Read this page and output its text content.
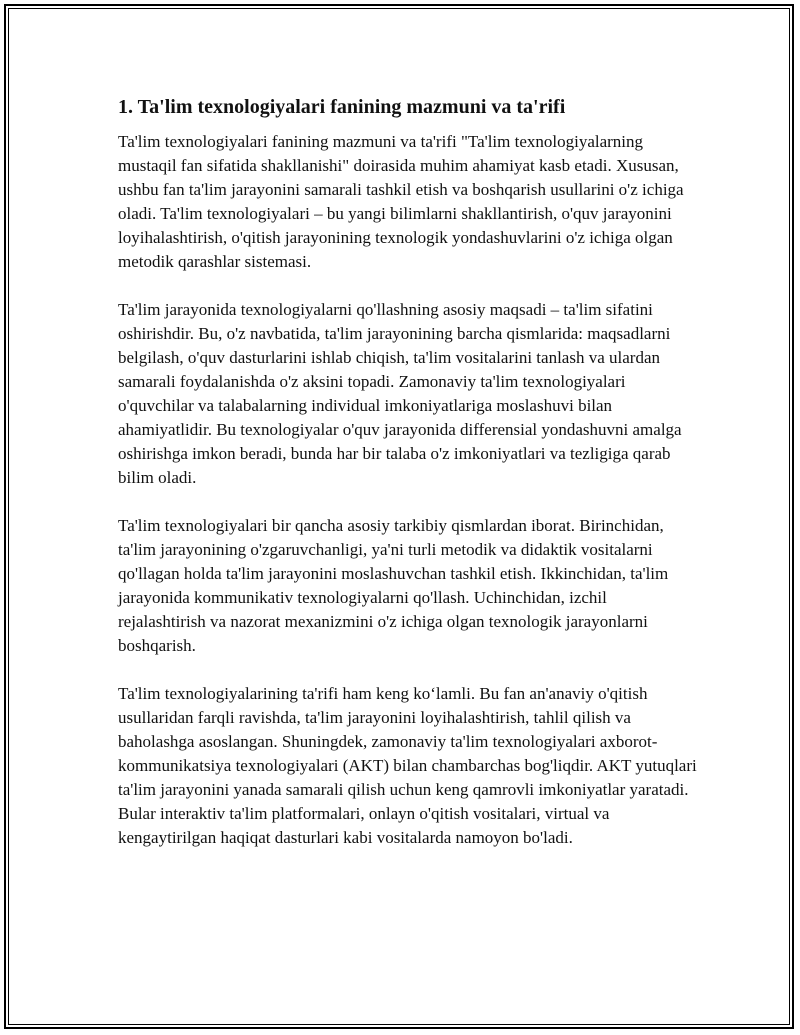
1. Ta'lim texnologiyalari fanining mazmuni va ta'rifi

Ta'lim texnologiyalari fanining mazmuni va ta'rifi "Ta'lim texnologiyalarning mustaqil fan sifatida shakllanishi" doirasida muhim ahamiyat kasb etadi. Xususan, ushbu fan ta'lim jarayonini samarali tashkil etish va boshqarish usullarini o'z ichiga oladi. Ta'lim texnologiyalari – bu yangi bilimlarni shakllantirish, o'quv jarayonini loyihalashtirish, o'qitish jarayonining texnologik yondashuvlarini o'z ichiga olgan metodik qarashlar sistemasi.

Ta'lim jarayonida texnologiyalarni qo'llashning asosiy maqsadi – ta'lim sifatini oshirishdir. Bu, o'z navbatida, ta'lim jarayonining barcha qismlarida: maqsadlarni belgilash, o'quv dasturlarini ishlab chiqish, ta'lim vositalarini tanlash va ulardan samarali foydalanishda o'z aksini topadi. Zamonaviy ta'lim texnologiyalari o'quvchilar va talabalarning individual imkoniyatlariga moslashuvi bilan ahamiyatlidir. Bu texnologiyalar o'quv jarayonida differensial yondashuvni amalga oshirishga imkon beradi, bunda har bir talaba o'z imkoniyatlari va tezligiga qarab bilim oladi.

Ta'lim texnologiyalari bir qancha asosiy tarkibiy qismlardan iborat. Birinchidan, ta'lim jarayonining o'zgaruvchanligi, ya'ni turli metodik va didaktik vositalarni qo'llagan holda ta'lim jarayonini moslashuvchan tashkil etish. Ikkinchidan, ta'lim jarayonida kommunikativ texnologiyalarni qo'llash. Uchinchidan, izchil rejalashtirish va nazorat mexanizmini o'z ichiga olgan texnologik jarayonlarni boshqarish.

Ta'lim texnologiyalarining ta'rifi ham keng ko‘lamli. Bu fan an'anaviy o'qitish usullaridan farqli ravishda, ta'lim jarayonini loyihalashtirish, tahlil qilish va baholashga asoslangan. Shuningdek, zamonaviy ta'lim texnologiyalari axborot-kommunikatsiya texnologiyalari (AKT) bilan chambarchas bog'liqdir. AKT yutuqlari ta'lim jarayonini yanada samarali qilish uchun keng qamrovli imkoniyatlar yaratadi. Bular interaktiv ta'lim platformalari, onlayn o'qitish vositalari, virtual va kengaytirilgan haqiqat dasturlari kabi vositalarda namoyon bo'ladi.
